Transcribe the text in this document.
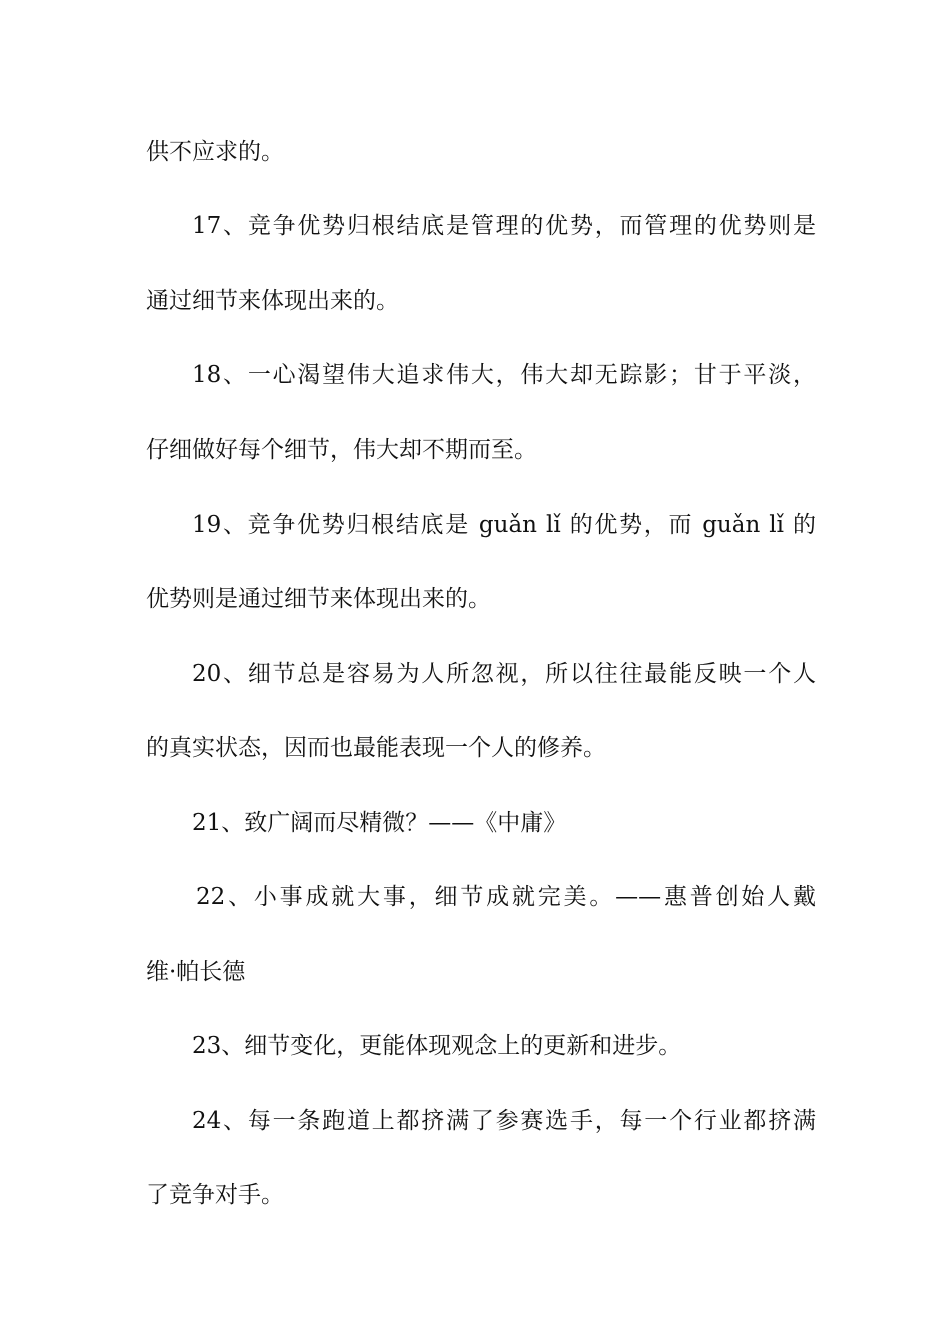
供不应求的。

17、竞争优势归根结底是管理的优势，而管理的优势则是

通过细节来体现出来的。

18、一心渴望伟大追求伟大，伟大却无踪影；甘于平淡，

仔细做好每个细节，伟大却不期而至。

19、竞争优势归根结底是 guǎn lǐ 的优势，而 guǎn lǐ 的

优势则是通过细节来体现出来的。

20、细节总是容易为人所忽视，所以往往最能反映一个人

的真实状态，因而也最能表现一个人的修养。

21、致广阔而尽精微？——《中庸》

22、小事成就大事，细节成就完美。——惠普创始人戴

维·帕长德

23、细节变化，更能体现观念上的更新和进步。

24、每一条跑道上都挤满了参赛选手，每一个行业都挤满

了竞争对手。
